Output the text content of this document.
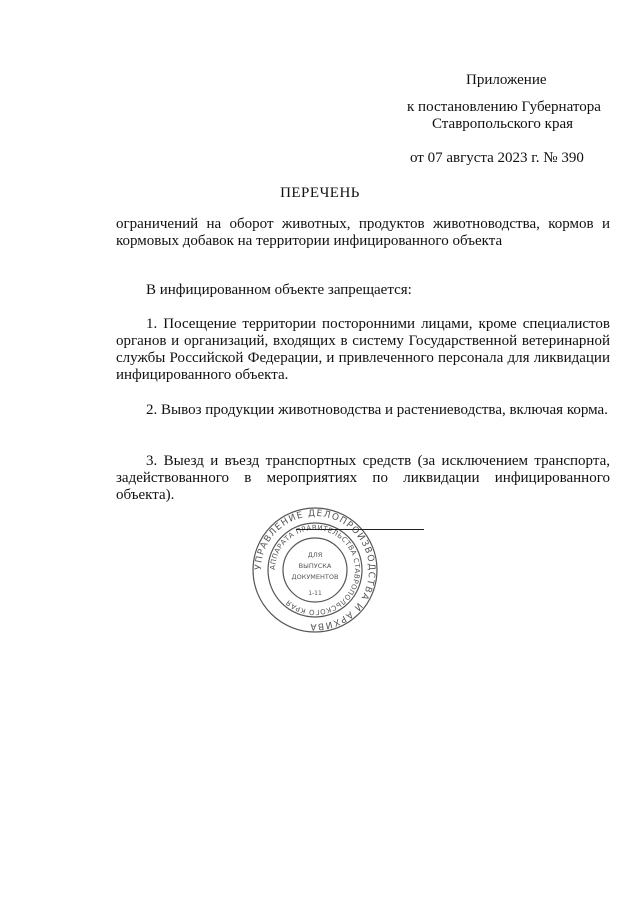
Приложение
к постановлению Губернатора
Ставропольского края
от 07 августа 2023 г. № 390
ПЕРЕЧЕНЬ

ограничений на оборот животных, продуктов животноводства, кормов и кормовых добавок на территории инфицированного объекта

В инфицированном объекте запрещается:

1. Посещение территории посторонними лицами, кроме специалистов органов и организаций, входящих в систему Государственной ветеринарной службы Российской Федерации, и привлеченного персонала для ликвидации инфицированного объекта.

2. Вывоз продукции животноводства и растениеводства, включая корма.

3. Выезд и въезд транспортных средств (за исключением транспорта, задействованного в мероприятиях по ликвидации инфицированного объекта).

УПРАВЛЕНИЕ ДЕЛОПРОИЗВОДСТВА И АРХИВА
АППАРАТА ПРАВИТЕЛЬСТВА СТАВРОПОЛЬСКОГО КРАЯ
ДЛЯ
ВЫПУСКА
ДОКУМЕНТОВ
1-11
